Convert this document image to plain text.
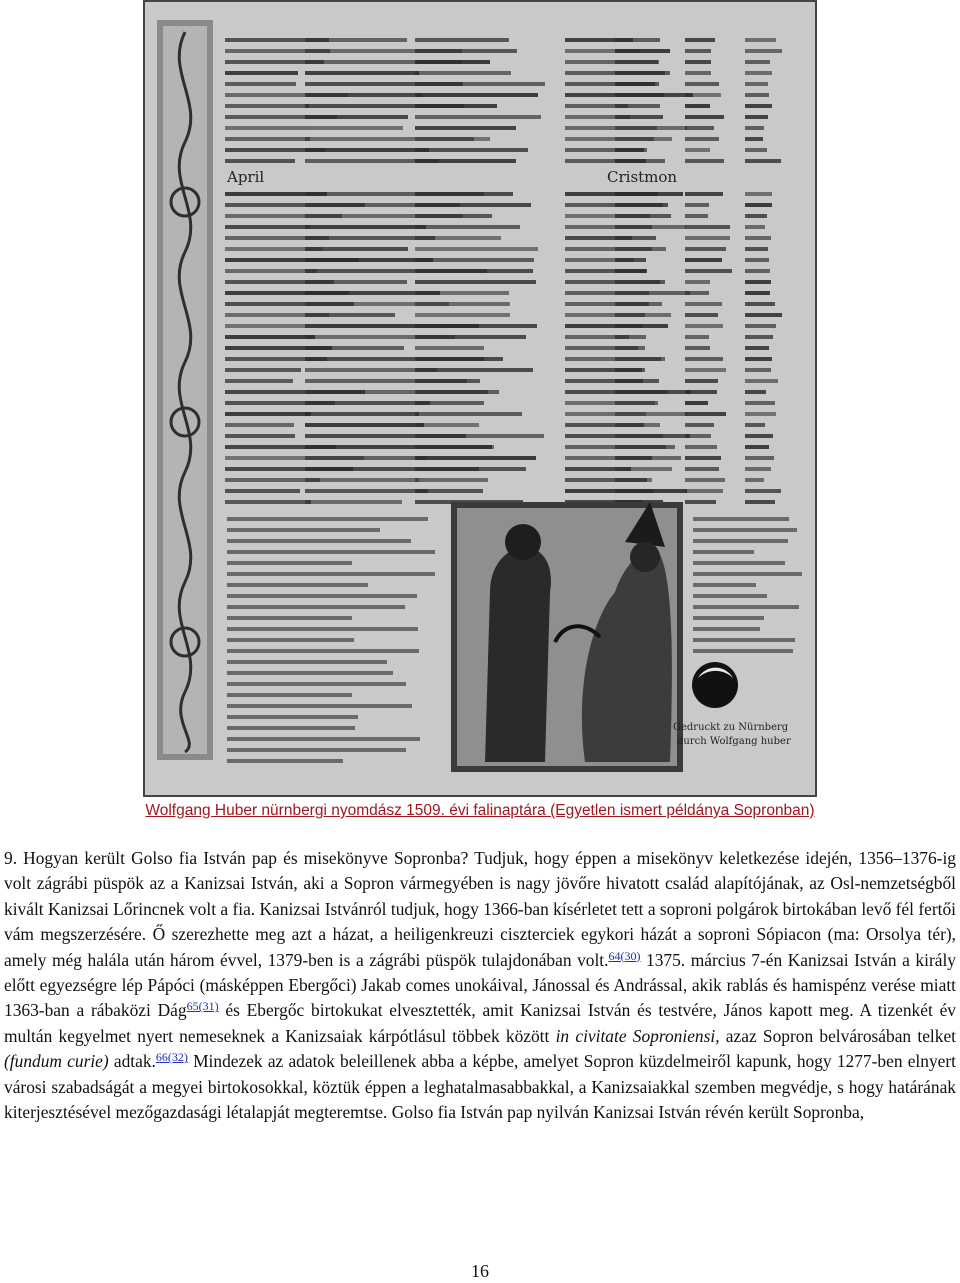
April	Cristmon
Gedruckt zu Nürnberg
durch Wolfgang huber
Wolfgang Huber nürnbergi nyomdász 1509. évi falinaptára (Egyetlen ismert példánya Sopronban)

9. Hogyan került Golso fia István pap és misekönyve Sopronba? Tudjuk, hogy éppen a misekönyv keletkezése idején, 1356–1376-ig volt zágrábi püspök az a Kanizsai István, aki a Sopron vármegyében is nagy jövőre hivatott család alapítójának, az Osl-nemzetségből kivált Kanizsai Lőrincnek volt a fia. Kanizsai Istvánról tudjuk, hogy 1366-ban kísérletet tett a soproni polgárok birtokában levő fél fertői vám megszerzésére. Ő szerezhette meg azt a házat, a heiligenkreuzi ciszterciek egykori házát a soproni Sópiacon (ma: Orsolya tér), amely még halála után három évvel, 1379-ben is a zágrábi püspök tulajdonában volt.$^{64(30)}$ 1375. március 7-én Kanizsai István a király előtt egyezségre lép Pápóci (másképpen Ebergőci) Jakab comes unokáival, Jánossal és Andrással, akik rablás és hamispénz verése miatt 1363-ban a rábaközi Dág$^{65(31)}$ és Ebergőc birtokukat elvesztették, amit Kanizsai István és testvére, János kapott meg. A tizenkét év multán kegyelmet nyert nemeseknek a Kanizsaiak kárpótlásul többek között in civitate Soproniensi, azaz Sopron belvárosában telket (fundum curie) adtak.$^{66(32)}$ Mindezek az adatok beleillenek abba a képbe, amelyet Sopron küzdelmeiről kapunk, hogy 1277-ben elnyert városi szabadságát a megyei birtokosokkal, köztük éppen a leghatalmasabbakkal, a Kanizsaiakkal szemben megvédje, s hogy határának kiterjesztésével mezőgazdasági létalapját megteremtse. Golso fia István pap nyilván Kanizsai István révén került Sopronba,

16
